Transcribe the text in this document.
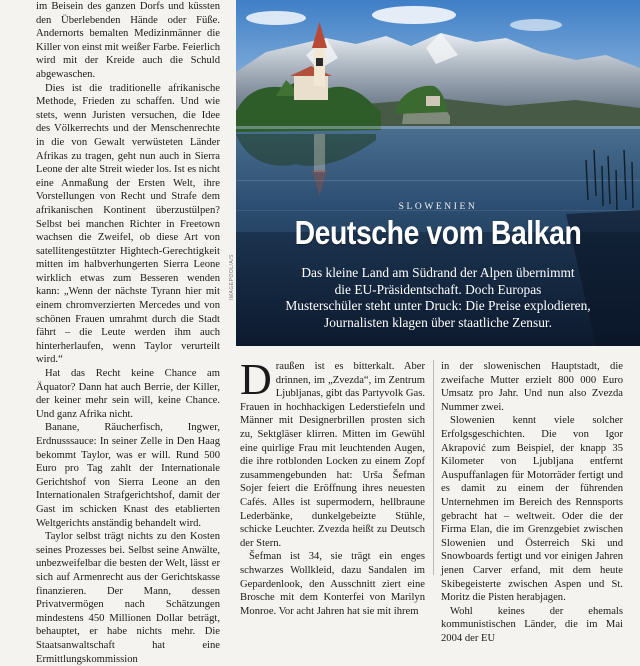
im Beisein des ganzen Dorfs und küssten den Überlebenden Hände oder Füße. Andernorts bemalten Medizinmänner die Killer von einst mit weißer Farbe. Feierlich wird mit der Kreide auch die Schuld abgewaschen.

Dies ist die traditionelle afrikanische Methode, Frieden zu schaffen. Und wie stets, wenn Juristen versuchen, die Idee des Völkerrechts und der Menschenrechte in die von Gewalt verwüsteten Länder Afrikas zu tragen, geht nun auch in Sierra Leone der alte Streit wieder los. Ist es nicht eine Anmaßung der Ersten Welt, ihre Vorstellungen von Recht und Strafe dem afrikanischen Kontinent überzustülpen? Selbst bei manchen Richter in Freetown wachsen die Zweifel, ob diese Art von satellitengestützter Hightech-Gerechtigkeit mitten im halbverhungerten Sierra Leone wirklich etwas zum Besseren wenden kann: „Wenn der nächste Tyrann hier mit einem chromverzierten Mercedes und von schönen Frauen umrahmt durch die Stadt fährt – die Leute werden ihm auch hinterherlaufen, wenn Taylor verurteilt wird.“

Hat das Recht keine Chance am Äquator? Dann hat auch Berrie, der Killer, der keiner mehr sein will, keine Chance. Und ganz Afrika nicht.

Banane, Räucherfisch, Ingwer, Erdnusssauce: In seiner Zelle in Den Haag bekommt Taylor, was er will. Rund 500 Euro pro Tag zahlt der Internationale Gerichtshof von Sierra Leone an den Internationalen Strafgerichtshof, damit der Gast im schicken Knast des etablierten Weltgerichts anständig behandelt wird.

Taylor selbst trägt nichts zu den Kosten seines Prozesses bei. Selbst seine Anwälte, unbezweifelbar die besten der Welt, lässt er sich auf Armenrecht aus der Gerichtskasse finanzieren. Der Mann, dessen Privatvermögen nach Schätzungen mindestens 450 Millionen Dollar beträgt, behauptet, er habe nichts mehr. Die Staatsanwaltschaft hat eine Ermittlungskommission

IMAGEPOOL/A/S
SLOWENIEN
Deutsche vom Balkan
Das kleine Land am Südrand der Alpen übernimmt
die EU-Präsidentschaft. Doch Europas
Musterschüler steht unter Druck: Die Preise explodieren,
Journalisten klagen über staatliche Zensur.

Draußen ist es bitterkalt. Aber drinnen, im „Zvezda“, im Zentrum Ljubljanas, gibt das Partyvolk Gas. Frauen in hochhackigen Lederstiefeln und Männer mit Designerbrillen prosten sich zu, Sektgläser klirren. Mitten im Gewühl eine quirlige Frau mit leuchtenden Augen, die ihre rotblonden Locken zu einem Zopf zusammengebunden hat: Urša Šefman Sojer feiert die Eröffnung ihres neuesten Cafés. Alles ist supermodern, hellbraune Lederbänke, dunkelgebeizte Stühle, schicke Leuchter. Zvezda heißt zu Deutsch der Stern.

Šefman ist 34, sie trägt ein enges schwarzes Wollkleid, dazu Sandalen im Gepardenlook, den Ausschnitt ziert eine Brosche mit dem Konterfei von Marilyn Monroe. Vor acht Jahren hat sie mit ihrem

in der slowenischen Hauptstadt, die zweifache Mutter erzielt 800 000 Euro Umsatz pro Jahr. Und nun also Zvezda Nummer zwei.

Slowenien kennt viele solcher Erfolgsgeschichten. Die von Igor Akrapović zum Beispiel, der knapp 35 Kilometer von Ljubljana entfernt Auspuffanlagen für Motorräder fertigt und es damit zu einem der führenden Unternehmen im Bereich des Rennsports gebracht hat – weltweit. Oder die der Firma Elan, die im Grenzgebiet zwischen Slowenien und Österreich Ski und Snowboards fertigt und vor einigen Jahren jenen Carver erfand, mit dem heute Skibegeisterte zwischen Aspen und St. Moritz die Pisten herabjagen.

Wohl keines der ehemals kommunistischen Länder, die im Mai 2004 der EU
